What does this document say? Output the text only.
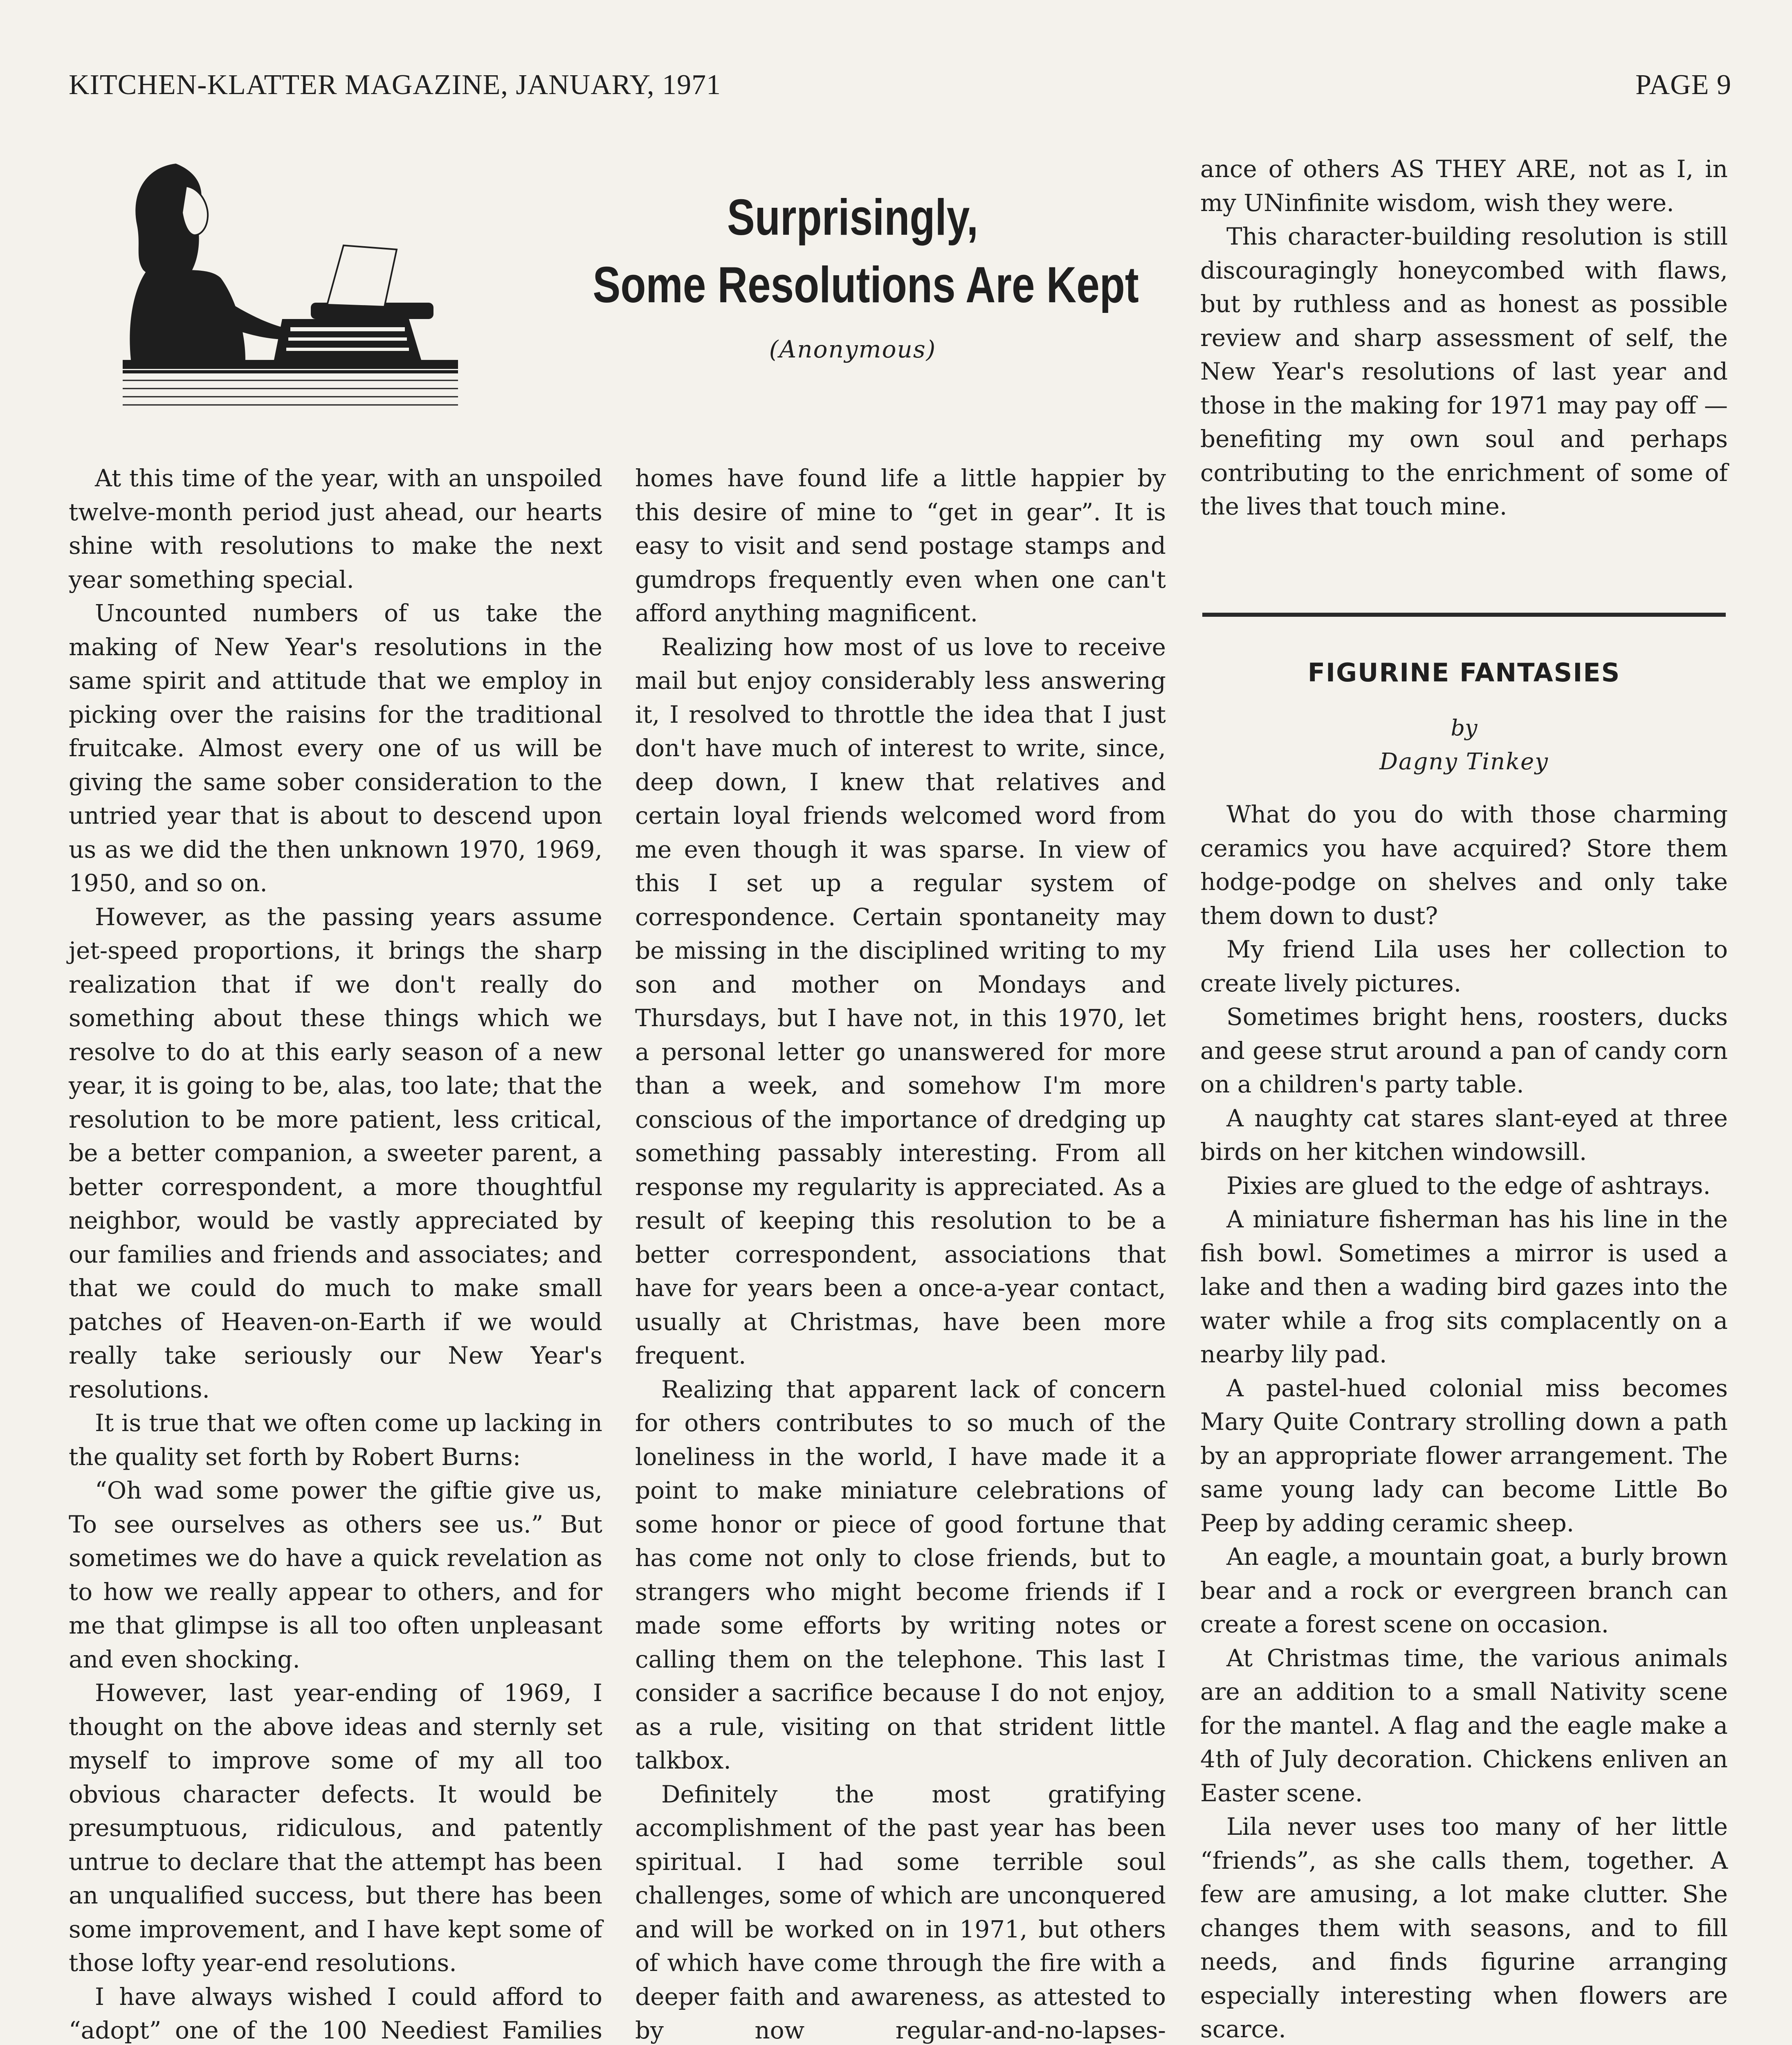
KITCHEN-KLATTER MAGAZINE, JANUARY, 1971	PAGE 9
Surprisingly,
Some Resolutions Are Kept
(Anonymous)

At this time of the year, with an unspoiled twelve-month period just ahead, our hearts shine with resolutions to make the next year something special.

Uncounted numbers of us take the making of New Year's resolutions in the same spirit and attitude that we employ in picking over the raisins for the traditional fruitcake. Almost every one of us will be giving the same sober consideration to the untried year that is about to descend upon us as we did the then unknown 1970, 1969, 1950, and so on.

However, as the passing years assume jet-speed proportions, it brings the sharp realization that if we don't really do something about these things which we resolve to do at this early season of a new year, it is going to be, alas, too late; that the resolution to be more patient, less critical, be a better companion, a sweeter parent, a better correspondent, a more thoughtful neighbor, would be vastly appreciated by our families and friends and associates; and that we could do much to make small patches of Heaven-on-Earth if we would really take seriously our New Year's resolutions.

It is true that we often come up lacking in the quality set forth by Robert Burns:

“Oh wad some power the giftie give us, To see ourselves as others see us.” But sometimes we do have a quick revelation as to how we really appear to others, and for me that glimpse is all too often unpleasant and even shocking.

However, last year-ending of 1969, I thought on the above ideas and sternly set myself to improve some of my all too obvious character defects. It would be presumptuous, ridiculous, and patently untrue to declare that the attempt has been an unqualified success, but there has been some improvement, and I have kept some of those lofty year-end resolutions.

I have always wished I could afford to “adopt” one of the 100 Neediest Families

homes have found life a little happier by this desire of mine to “get in gear”. It is easy to visit and send postage stamps and gumdrops frequently even when one can't afford anything magnificent.

Realizing how most of us love to receive mail but enjoy considerably less answering it, I resolved to throttle the idea that I just don't have much of interest to write, since, deep down, I knew that relatives and certain loyal friends welcomed word from me even though it was sparse. In view of this I set up a regular system of correspondence. Certain spontaneity may be missing in the disciplined writing to my son and mother on Mondays and Thursdays, but I have not, in this 1970, let a personal letter go unanswered for more than a week, and somehow I'm more conscious of the importance of dredging up something passably interesting. From all response my regularity is appreciated. As a result of keeping this resolution to be a better correspondent, associations that have for years been a once-a-year contact, usually at Christmas, have been more frequent.

Realizing that apparent lack of concern for others contributes to so much of the loneliness in the world, I have made it a point to make miniature celebrations of some honor or piece of good fortune that has come not only to close friends, but to strangers who might become friends if I made some efforts by writing notes or calling them on the telephone. This last I consider a sacrifice because I do not enjoy, as a rule, visiting on that strident little talkbox.

Definitely the most gratifying accomplishment of the past year has been spiritual. I had some terrible soul challenges, some of which are unconquered and will be worked on in 1971, but others of which have come through the fire with a deeper faith and awareness, as attested to by now regular-and-no-lapses-

ance of others AS THEY ARE, not as I, in my UNinfinite wisdom, wish they were.

This character-building resolution is still discouragingly honeycombed with flaws, but by ruthless and as honest as possible review and sharp assessment of self, the New Year's resolutions of last year and those in the making for 1971 may pay off — benefiting my own soul and perhaps contributing to the enrichment of some of the lives that touch mine.

FIGURINE FANTASIES
by
Dagny Tinkey

What do you do with those charming ceramics you have acquired? Store them hodge-podge on shelves and only take them down to dust?

My friend Lila uses her collection to create lively pictures.

Sometimes bright hens, roosters, ducks and geese strut around a pan of candy corn on a children's party table.

A naughty cat stares slant-eyed at three birds on her kitchen windowsill.

Pixies are glued to the edge of ashtrays.

A miniature fisherman has his line in the fish bowl. Sometimes a mirror is used a lake and then a wading bird gazes into the water while a frog sits complacently on a nearby lily pad.

A pastel-hued colonial miss becomes Mary Quite Contrary strolling down a path by an appropriate flower arrangement. The same young lady can become Little Bo Peep by adding ceramic sheep.

An eagle, a mountain goat, a burly brown bear and a rock or evergreen branch can create a forest scene on occasion.

At Christmas time, the various animals are an addition to a small Nativity scene for the mantel. A flag and the eagle make a 4th of July decoration. Chickens enliven an Easter scene.

Lila never uses too many of her little “friends”, as she calls them, together. A few are amusing, a lot make clutter. She changes them with seasons, and to fill needs, and finds figurine arranging especially interesting when flowers are scarce.
